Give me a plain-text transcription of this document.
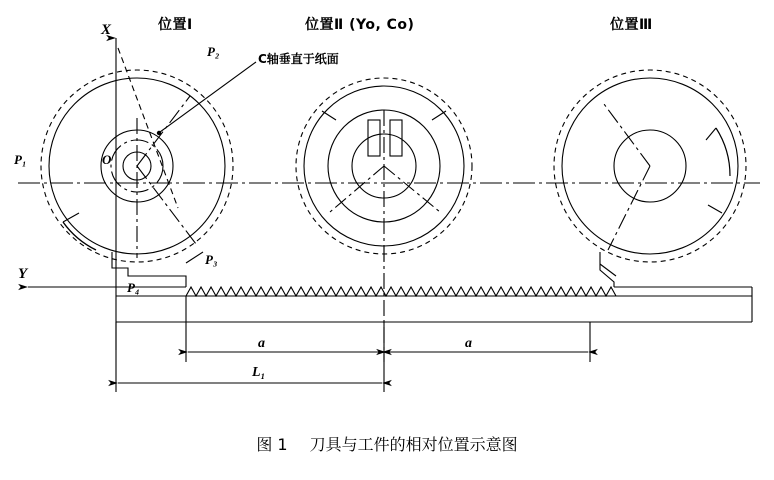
位置Ⅰ	位置Ⅱ (Yo, Co)	位置Ⅲ
C轴垂直于纸面
X
Y
P₂
P₁	O
P₃
P₄
a	a
L₁
图 1 刀具与工件的相对位置示意图
